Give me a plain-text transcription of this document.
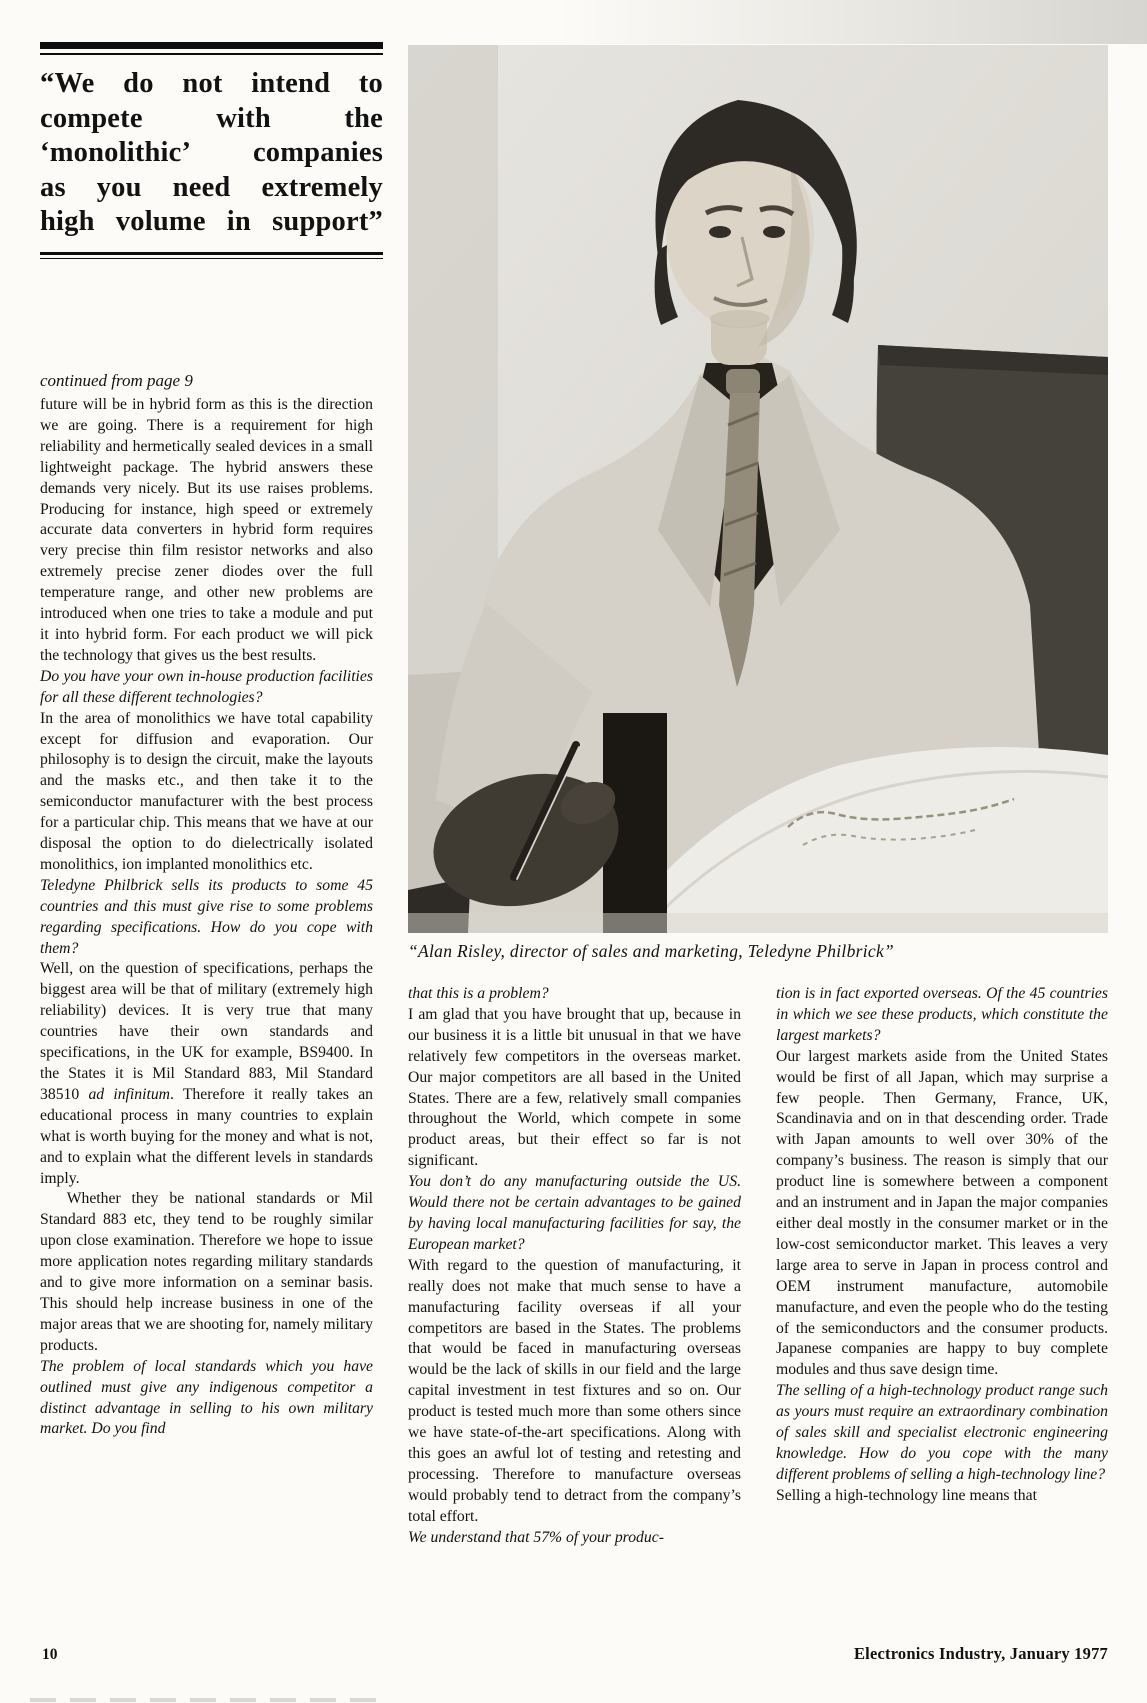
“We do not intend to
compete with the
‘monolithic’ companies
as you need extremely
high volume in support”
continued from page 9
“Alan Risley, director of sales and marketing, Teledyne Philbrick”

future will be in hybrid form as this is the direction we are going. There is a requirement for high reliability and hermetically sealed devices in a small lightweight package. The hybrid answers these demands very nicely. But its use raises problems. Producing for instance, high speed or extremely accurate data converters in hybrid form requires very precise thin film resistor networks and also extremely precise zener diodes over the full temperature range, and other new problems are introduced when one tries to take a module and put it into hybrid form. For each product we will pick the technology that gives us the best results.

Do you have your own in-house production facilities for all these different technologies?

In the area of monolithics we have total capability except for diffusion and evaporation. Our philosophy is to design the circuit, make the layouts and the masks etc., and then take it to the semiconductor manufacturer with the best process for a particular chip. This means that we have at our disposal the option to do dielectrically isolated monolithics, ion implanted monolithics etc.

Teledyne Philbrick sells its products to some 45 countries and this must give rise to some problems regarding specifications. How do you cope with them?

Well, on the question of specifications, perhaps the biggest area will be that of military (extremely high reliability) devices. It is very true that many countries have their own standards and specifications, in the UK for example, BS9400. In the States it is Mil Standard 883, Mil Standard 38510 ad infinitum. Therefore it really takes an educational process in many countries to explain what is worth buying for the money and what is not, and to explain what the different levels in standards imply.

Whether they be national standards or Mil Standard 883 etc, they tend to be roughly similar upon close examination. Therefore we hope to issue more application notes regarding military standards and to give more information on a seminar basis. This should help increase business in one of the major areas that we are shooting for, namely military products.

The problem of local standards which you have outlined must give any indigenous competitor a distinct advantage in selling to his own military market. Do you find

that this is a problem?

I am glad that you have brought that up, because in our business it is a little bit unusual in that we have relatively few competitors in the overseas market. Our major competitors are all based in the United States. There are a few, relatively small companies throughout the World, which compete in some product areas, but their effect so far is not significant.

You don’t do any manufacturing outside the US. Would there not be certain advantages to be gained by having local manufacturing facilities for say, the European market?

With regard to the question of manufacturing, it really does not make that much sense to have a manufacturing facility overseas if all your competitors are based in the States. The problems that would be faced in manufacturing overseas would be the lack of skills in our field and the large capital investment in test fixtures and so on. Our product is tested much more than some others since we have state-of-the-art specifications. Along with this goes an awful lot of testing and retesting and processing. Therefore to manufacture overseas would probably tend to detract from the company’s total effort.

We understand that 57% of your produc-

tion is in fact exported overseas. Of the 45 countries in which we see these products, which constitute the largest markets?

Our largest markets aside from the United States would be first of all Japan, which may surprise a few people. Then Germany, France, UK, Scandinavia and on in that descending order. Trade with Japan amounts to well over 30% of the company’s business. The reason is simply that our product line is somewhere between a component and an instrument and in Japan the major companies either deal mostly in the consumer market or in the low-cost semiconductor market. This leaves a very large area to serve in Japan in process control and OEM instrument manufacture, automobile manufacture, and even the people who do the testing of the semiconductors and the consumer products. Japanese companies are happy to buy complete modules and thus save design time.

The selling of a high-technology product range such as yours must require an extraordinary combination of sales skill and specialist electronic engineering knowledge. How do you cope with the many different problems of selling a high-technology line?

Selling a high-technology line means that

10	Electronics Industry, January 1977
